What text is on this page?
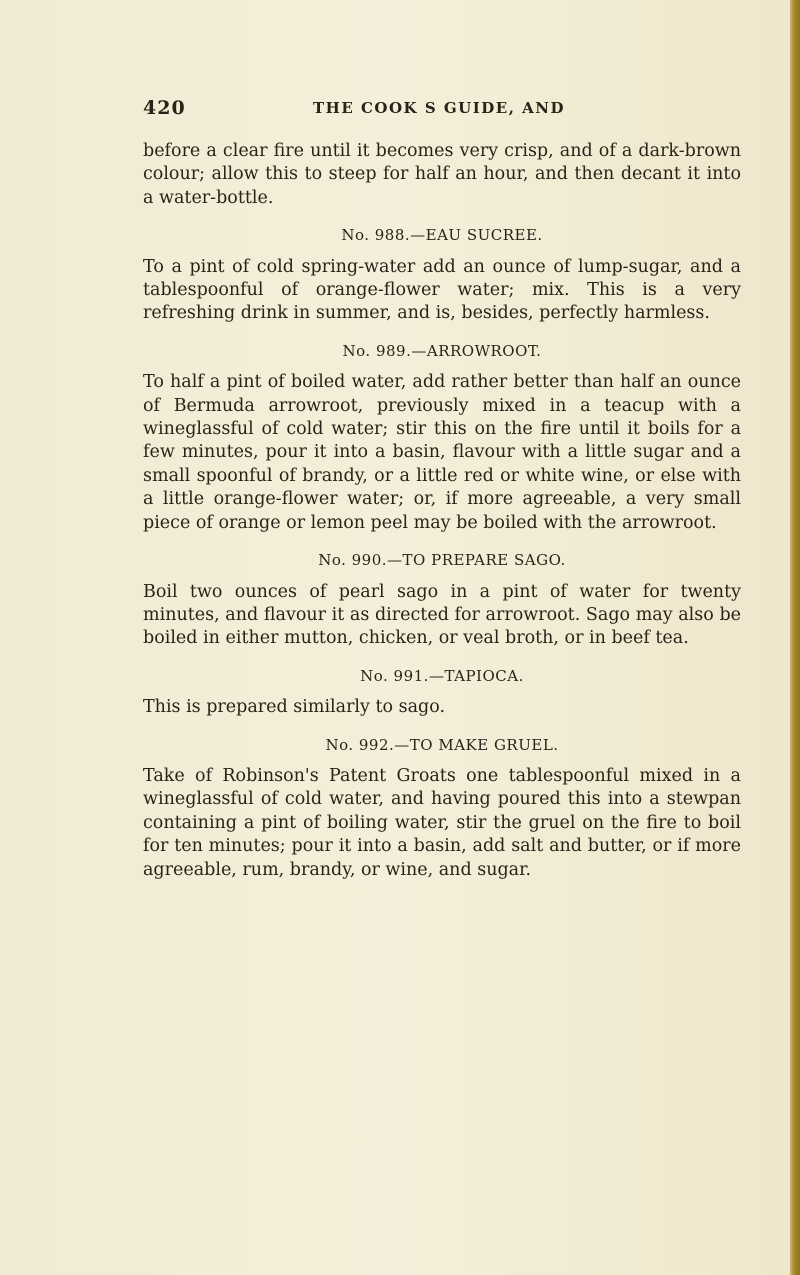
420	THE COOK S GUIDE, AND

before a clear fire until it becomes very crisp, and of a dark-brown colour; allow this to steep for half an hour, and then decant it into a water-bottle.

No. 988.—EAU SUCREE.

To a pint of cold spring-water add an ounce of lump-sugar, and a tablespoonful of orange-flower water; mix. This is a very refreshing drink in summer, and is, besides, perfectly harmless.

No. 989.—ARROWROOT.

To half a pint of boiled water, add rather better than half an ounce of Bermuda arrowroot, previously mixed in a teacup with a wineglassful of cold water; stir this on the fire until it boils for a few minutes, pour it into a basin, flavour with a little sugar and a small spoonful of brandy, or a little red or white wine, or else with a little orange-flower water; or, if more agreeable, a very small piece of orange or lemon peel may be boiled with the arrowroot.

No. 990.—TO PREPARE SAGO.

Boil two ounces of pearl sago in a pint of water for twenty minutes, and flavour it as directed for arrowroot. Sago may also be boiled in either mutton, chicken, or veal broth, or in beef tea.

No. 991.—TAPIOCA.

This is prepared similarly to sago.

No. 992.—TO MAKE GRUEL.

Take of Robinson's Patent Groats one tablespoonful mixed in a wineglassful of cold water, and having poured this into a stewpan containing a pint of boiling water, stir the gruel on the fire to boil for ten minutes; pour it into a basin, add salt and butter, or if more agreeable, rum, brandy, or wine, and sugar.
